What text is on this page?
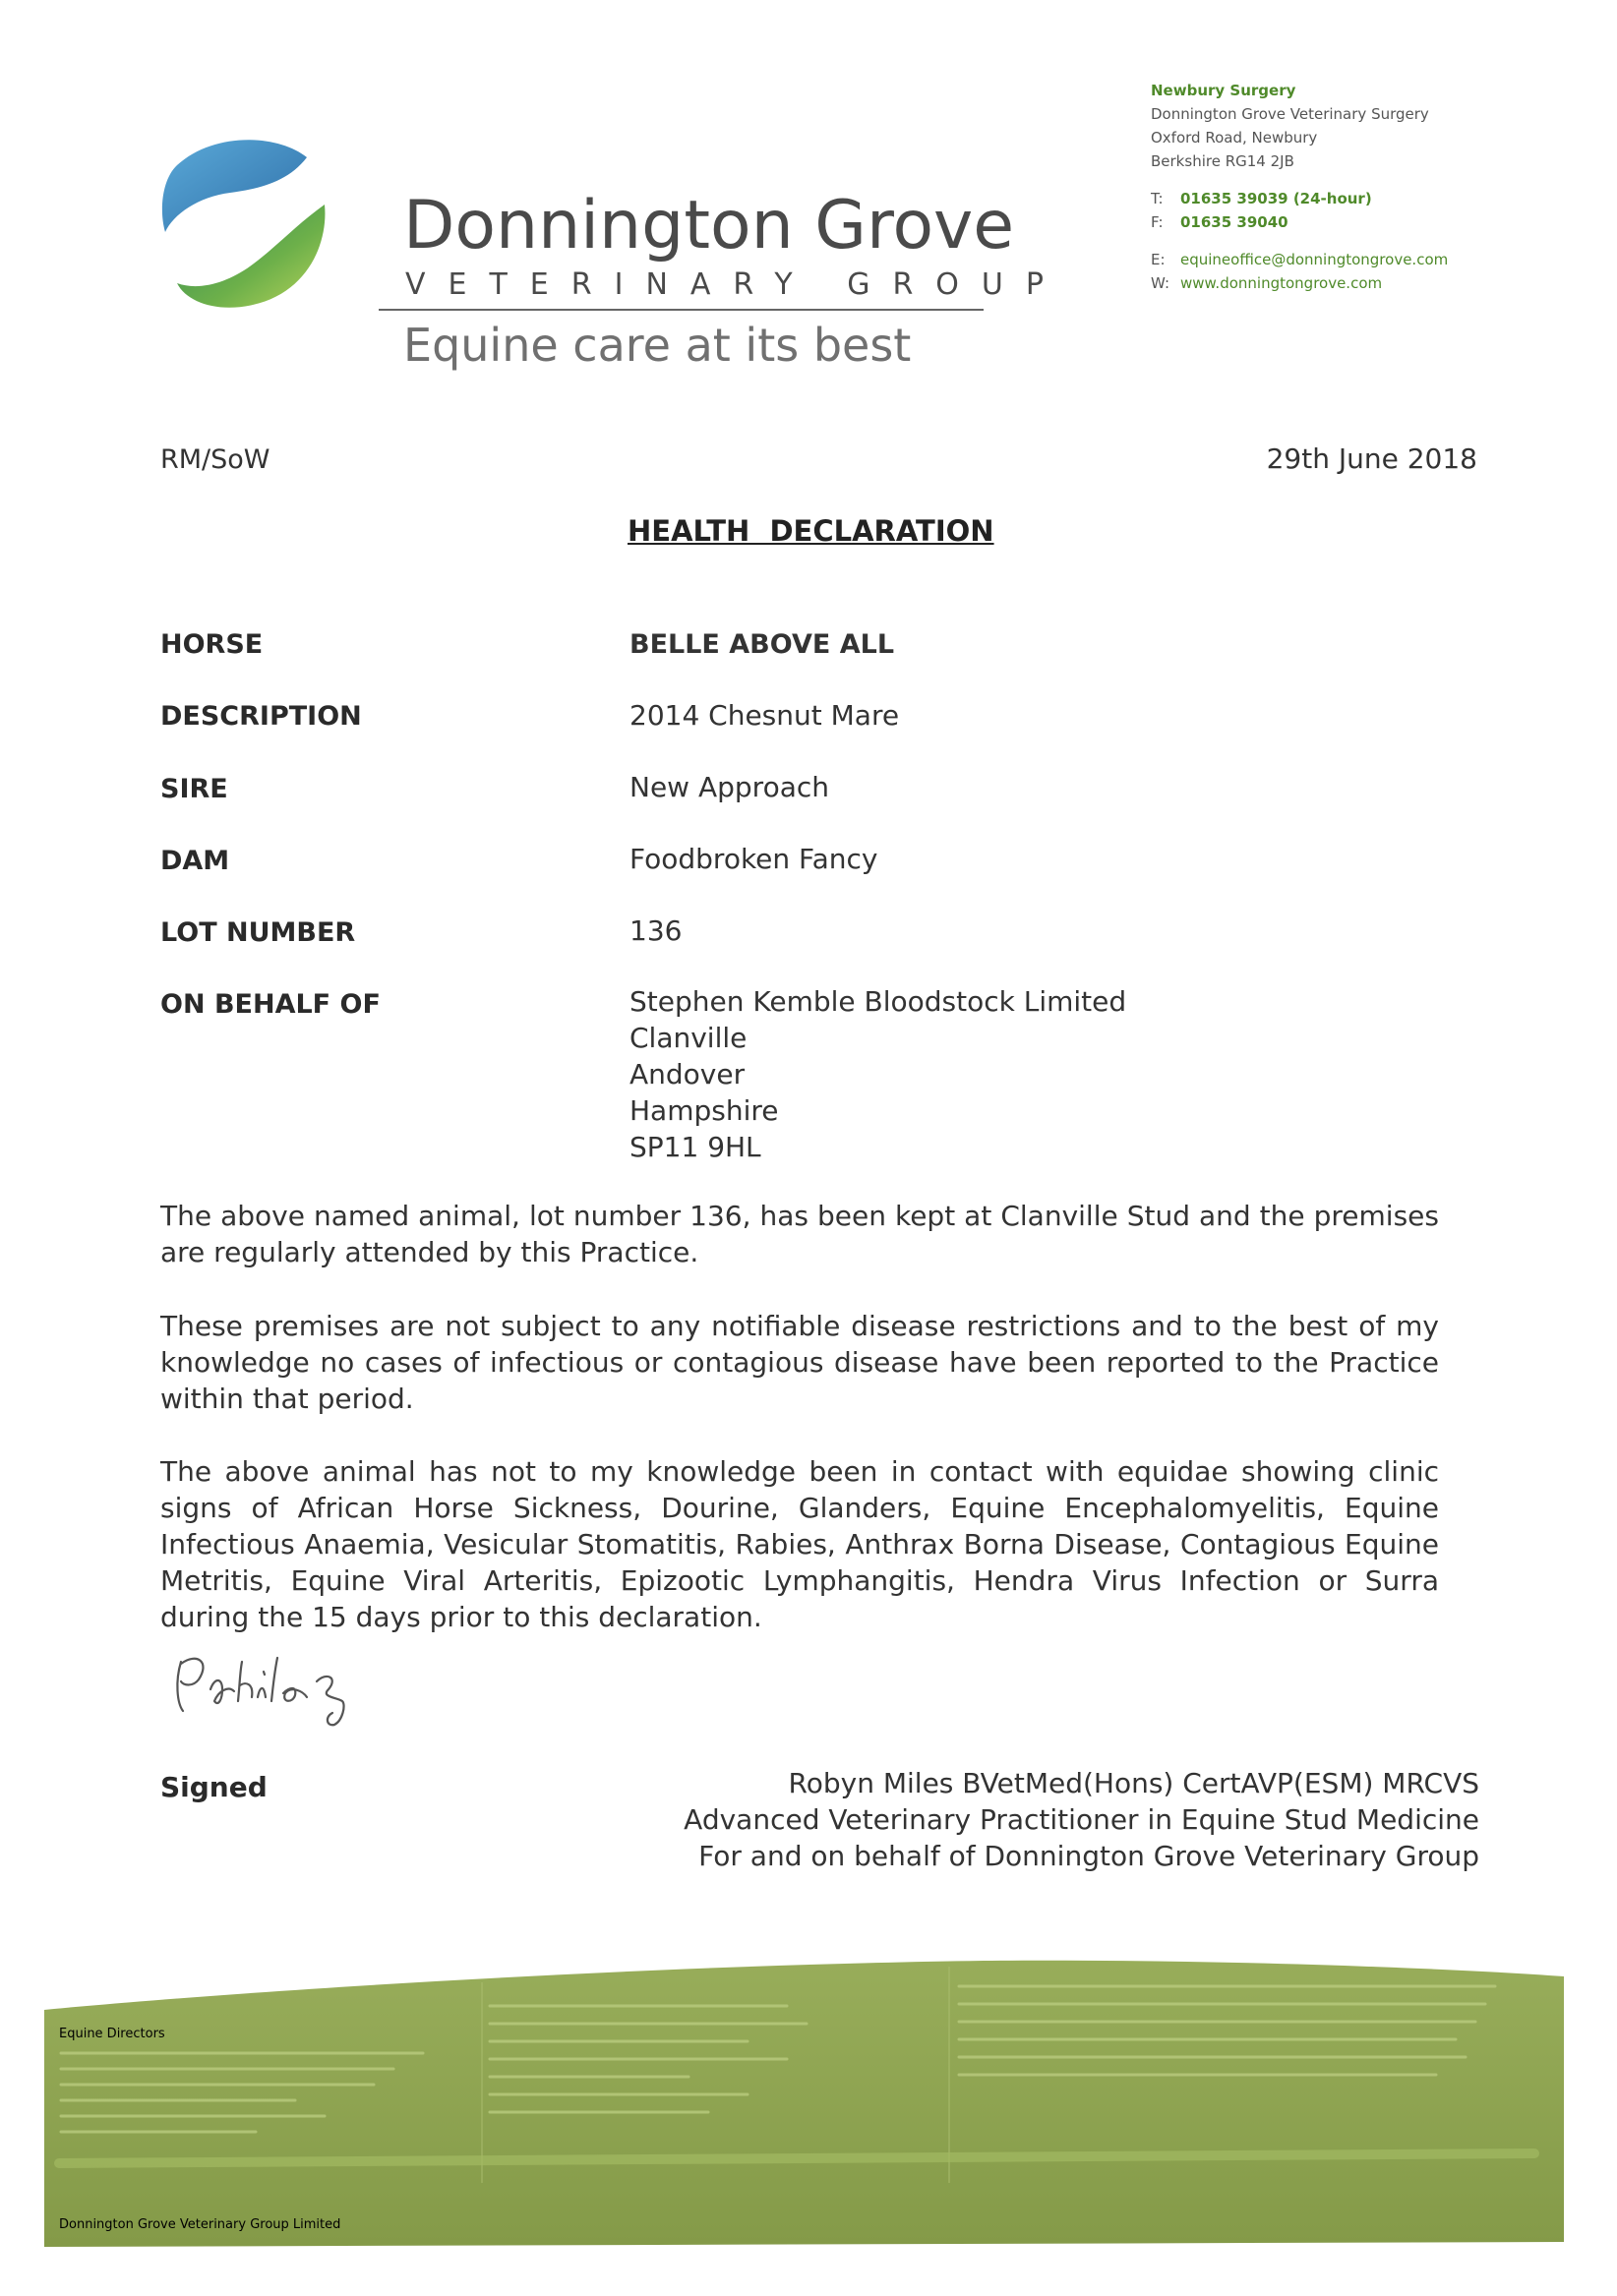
Donnington Grove
VETERINARY GROUP
Equine care at its best
Newbury Surgery
Donnington Grove Veterinary Surgery
Oxford Road, Newbury
Berkshire RG14 2JB
T:	01635 39039 (24-hour)
F:	01635 39040
E:	equineoffice@donningtongrove.com
W: www.donningtongrove.com
RM/SoW	29th June 2018
HEALTH  DECLARATION
HORSE	BELLE ABOVE ALL
DESCRIPTION	2014 Chesnut Mare
SIRE	New Approach
DAM	Foodbroken Fancy
LOT NUMBER	136
ON BEHALF OF	Stephen Kemble Bloodstock Limited
Clanville
Andover
Hampshire
SP11 9HL
The above named animal, lot number 136, has been kept at Clanville Stud and the premises are regularly attended by this Practice.
These premises are not subject to any notifiable disease restrictions and to the best of my knowledge no cases of infectious or contagious disease have been reported to the Practice within that period.
The above animal has not to my knowledge been in contact with equidae showing clinic signs of African Horse Sickness, Dourine, Glanders, Equine Encephalomyelitis, Equine Infectious Anaemia, Vesicular Stomatitis, Rabies, Anthrax Borna Disease, Contagious Equine Metritis, Equine Viral Arteritis, Epizootic Lymphangitis, Hendra Virus Infection or Surra during the 15 days prior to this declaration.
Signed	Robyn Miles BVetMed(Hons) CertAVP(ESM) MRCVS
Advanced Veterinary Practitioner in Equine Stud Medicine
For and on behalf of Donnington Grove Veterinary Group
Equine Directors
Donnington Grove Veterinary Group Limited
